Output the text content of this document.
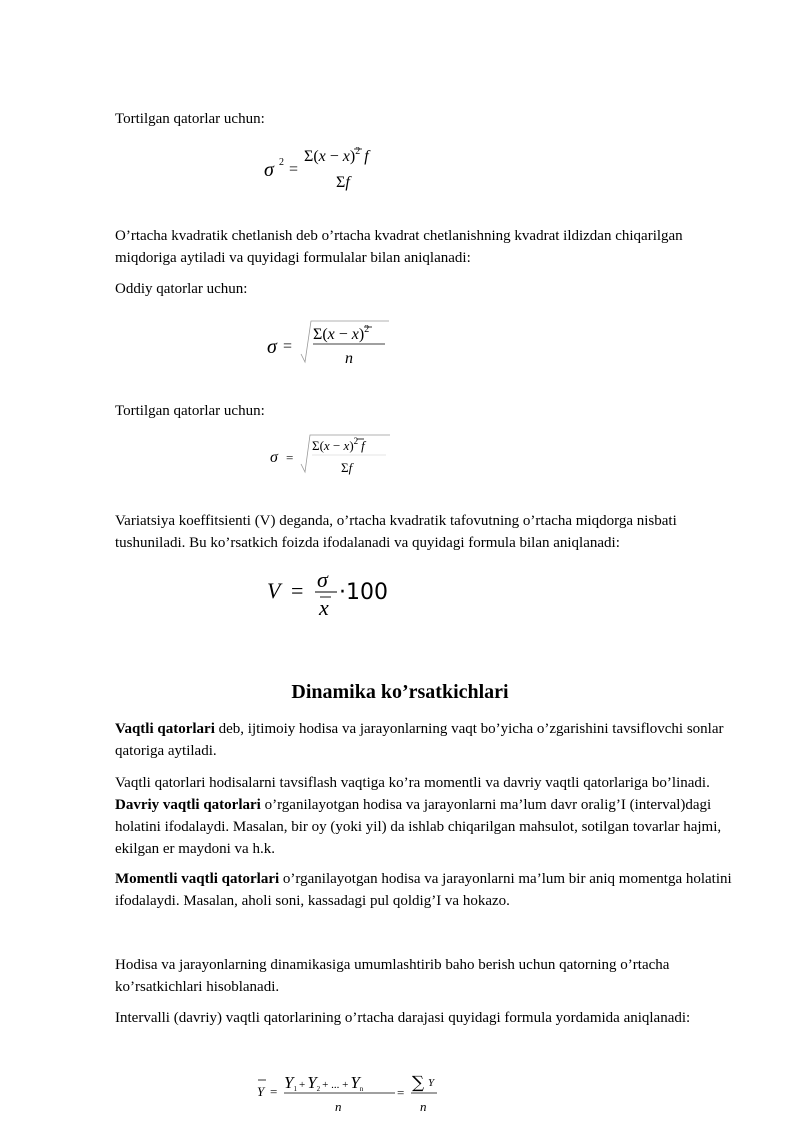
Tortilgan qatorlar uchun:

σ 2 =
$\Sigma(x - x)^2$ f
Σf

O’rtacha kvadratik chetlanish deb o’rtacha kvadrat chetlanishning kvadrat ildizdan chiqarilgan miqdoriga aytiladi va quyidagi formulalar bilan aniqlanadi:

Oddiy qatorlar uchun:

σ =
$\Sigma(x - x)^2$
n

Tortilgan qatorlar uchun:

σ =
$\Sigma(x - x)^2$ f
Σf

Variatsiya koeffitsienti (V) deganda, o’rtacha kvadratik tafovutning o’rtacha miqdorga nisbati tushuniladi. Bu ko’rsatkich foizda ifodalanadi va quyidagi formula bilan aniqlanadi:

V = σ
x
·100
Dinamika ko’rsatkichlari

Vaqtli qatorlari deb, ijtimoiy hodisa va jarayonlarning vaqt bo’yicha o’zgarishini tavsiflovchi sonlar qatoriga aytiladi.

Vaqtli qatorlari hodisalarni tavsiflash vaqtiga ko’ra momentli va davriy vaqtli qatorlariga bo’linadi. Davriy vaqtli qatorlari o’rganilayotgan hodisa va jarayonlarni ma’lum davr oralig’I (interval)dagi holatini ifodalaydi. Masalan, bir oy (yoki yil) da ishlab chiqarilgan mahsulot, sotilgan tovarlar hajmi, ekilgan er maydoni va h.k.

Momentli vaqtli qatorlari o’rganilayotgan hodisa va jarayonlarni ma’lum bir aniq momentga holatini ifodalaydi. Masalan, aholi soni, kassadagi pul qoldig’I va hokazo.

Hodisa va jarayonlarning dinamikasiga umumlashtirib baho berish uchun qatorning o’rtacha ko’rsatkichlari hisoblanadi.

Intervalli (davriy) vaqtli qatorlarining o’rtacha darajasi quyidagi formula yordamida aniqlanadi:

Y = Y1 + Y2 + ... + Yn
n
= ∑ Y
n
